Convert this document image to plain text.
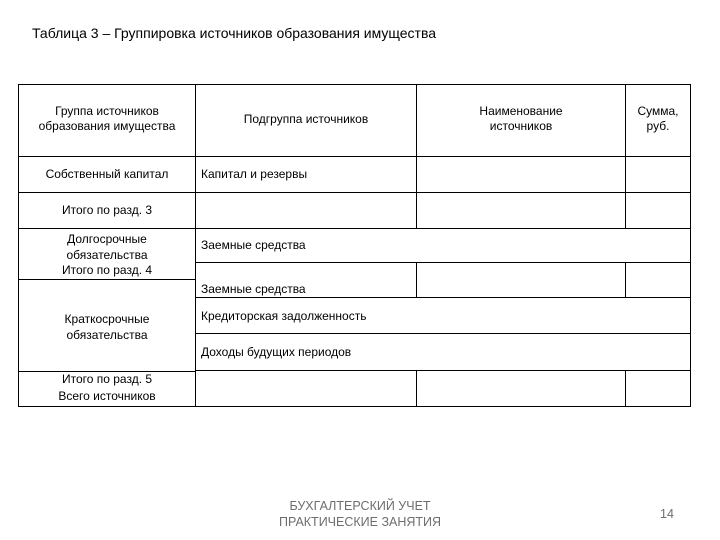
Таблица 3 – Группировка источников образования имущества
Группа источников
образования имущества	Подгруппа источников
Наименование
источников
Сумма,
руб.
Собственный капитал	Капитал и резервы
Итого по разд. 3
Долгосрочные
обязательства
Итого по разд. 4
Заемные средства
Заемные средства
Краткосрочные
обязательства
Кредиторская задолженность
Доходы будущих периодов
Итого по разд. 5
Всего источников
БУХГАЛТЕРСКИЙ УЧЕТ
ПРАКТИЧЕСКИЕ ЗАНЯТИЯ
14
